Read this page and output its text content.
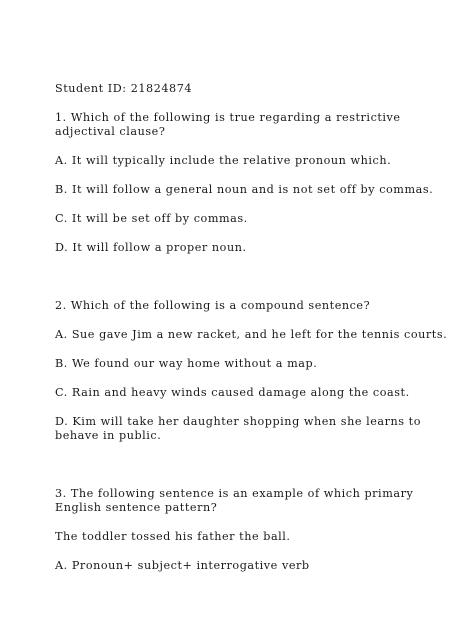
Student ID: 21824874
1. Which of the following is true regarding a restrictive
adjectival clause?
A. It will typically include the relative pronoun which.
B. It will follow a general noun and is not set off by commas.
C. It will be set off by commas.
D. It will follow a proper noun.
2. Which of the following is a compound sentence?
A. Sue gave Jim a new racket, and he left for the tennis courts.
B. We found our way home without a map.
C. Rain and heavy winds caused damage along the coast.
D. Kim will take her daughter shopping when she learns to
behave in public.
3. The following sentence is an example of which primary
English sentence pattern?
The toddler tossed his father the ball.
A. Pronoun+ subject+ interrogative verb
